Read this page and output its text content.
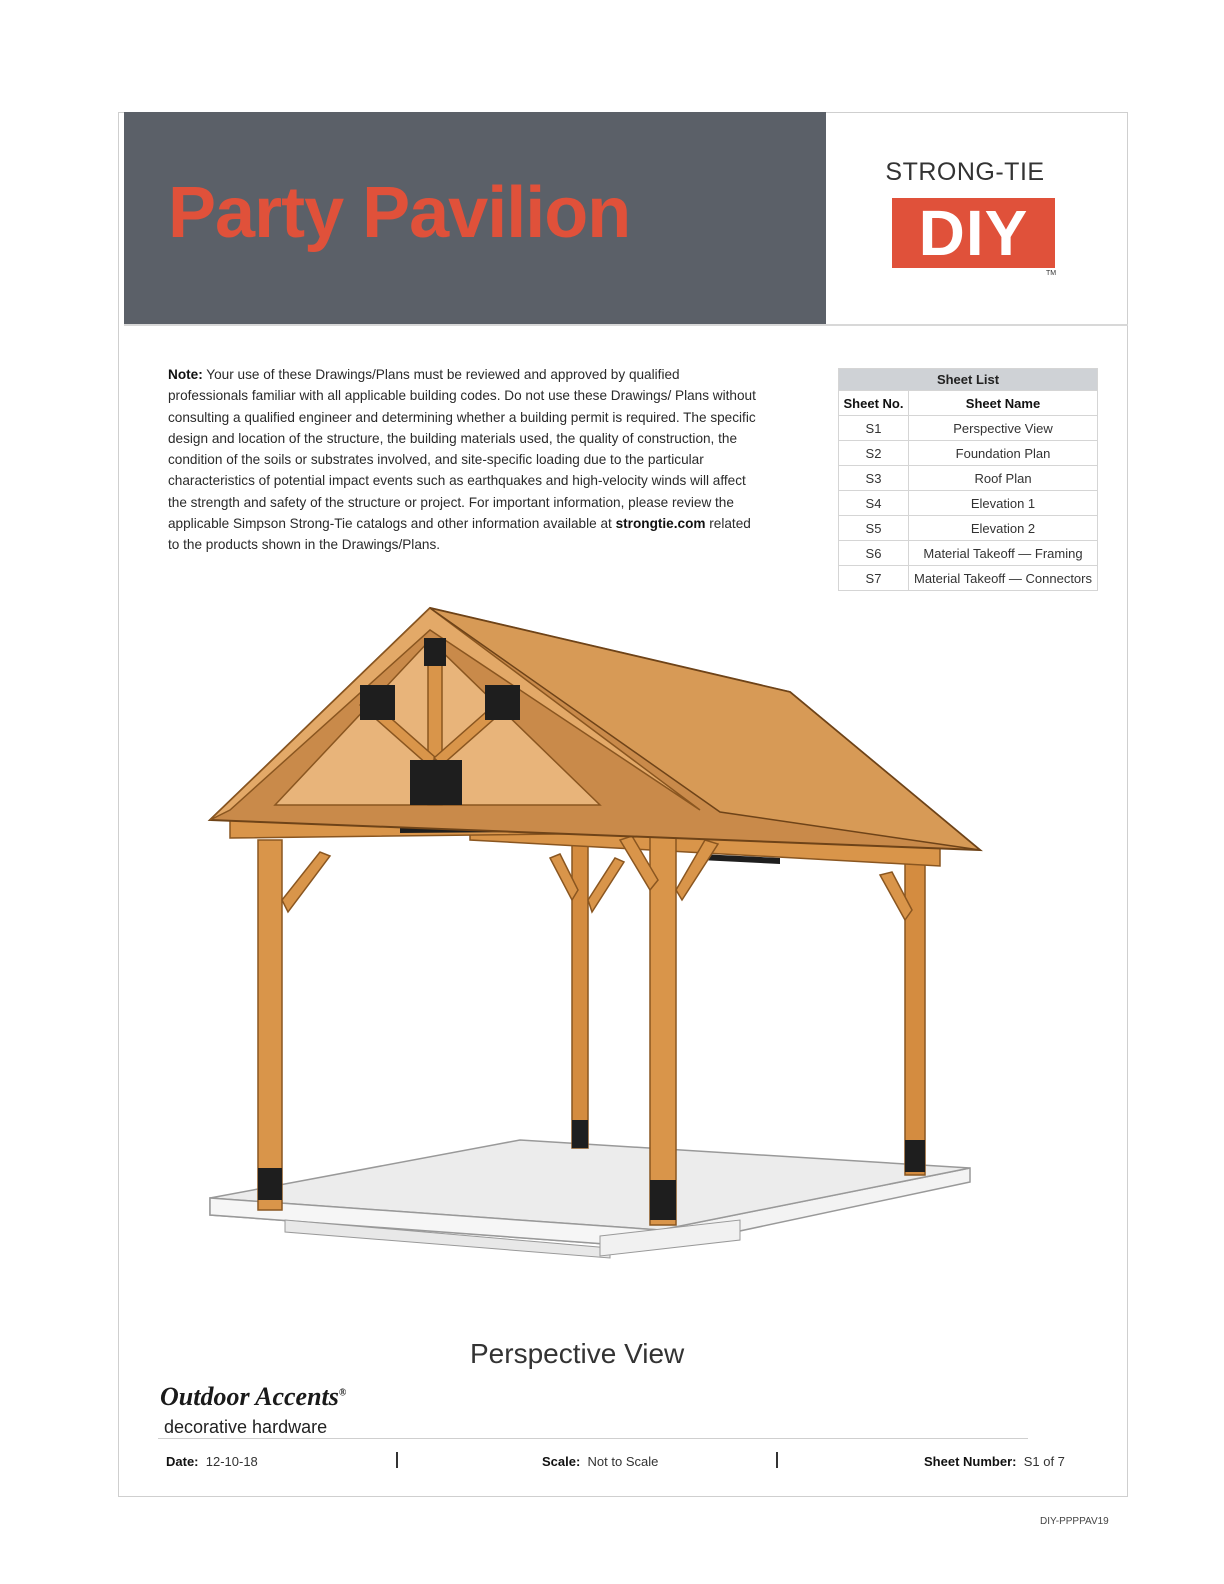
Party Pavilion
STRONG-TIE
DIY
TM
Note: Your use of these Drawings/Plans must be reviewed and approved by qualified professionals familiar with all applicable building codes. Do not use these Drawings/ Plans without consulting a qualified engineer and determining whether a building permit is required. The specific design and location of the structure, the building materials used, the quality of construction, the condition of the soils or substrates involved, and site-specific loading due to the particular characteristics of potential impact events such as earthquakes and high-velocity winds will affect the strength and safety of the structure or project. For important information, please review the applicable Simpson Strong-Tie catalogs and other information available at strongtie.com related to the products shown in the Drawings/Plans.
Sheet List	
Sheet No.	Sheet Name
S1	Perspective View
S2	Foundation Plan
S3	Roof Plan
S4	Elevation 1
S5	Elevation 2
S6	Material Takeoff — Framing
S7	Material Takeoff — Connectors
Perspective View
Outdoor Accents®
decorative hardware
Date: 12-10-18	Scale: Not to Scale	Sheet Number: S1 of 7
DIY-PPPPAV19
